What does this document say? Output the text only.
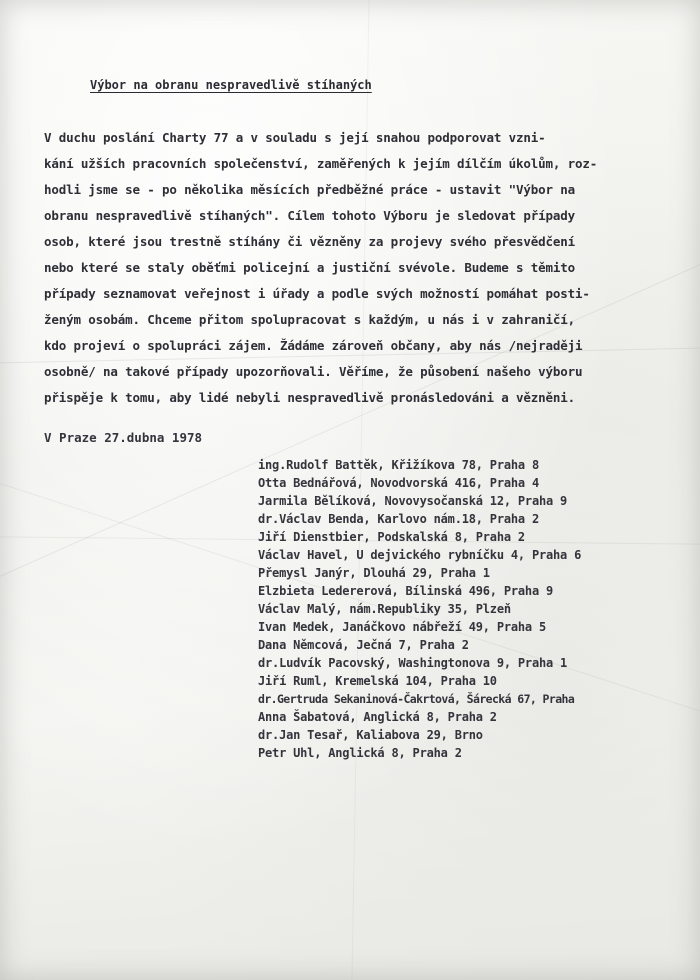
Výbor na obranu nespravedlivě stíhaných
V duchu poslání Charty 77 a v souladu s její snahou podporovat vzni-
kání užších pracovních společenství, zaměřených k jejím dílčím úkolům, roz-
hodli jsme se - po několika měsících předběžné práce - ustavit "Výbor na
obranu nespravedlivě stíhaných". Cílem tohoto Výboru je sledovat případy
osob, které jsou trestně stíhány či vězněny za projevy svého přesvědčení
nebo které se staly oběťmi policejní a justiční svévole. Budeme s těmito
případy seznamovat veřejnost i úřady a podle svých možností pomáhat posti-
ženým osobám. Chceme přitom spolupracovat s každým, u nás i v zahraničí,
kdo projeví o spolupráci zájem. Žádáme zároveň občany, aby nás /nejraději
osobně/ na takové případy upozorňovali. Věříme, že působení našeho výboru
přispěje k tomu, aby lidé nebyli nespravedlivě pronásledováni a vězněni.
V Praze 27.dubna 1978
ing.Rudolf Battěk, Křižíkova 78, Praha 8
Otta Bednářová, Novodvorská 416, Praha 4
Jarmila Bělíková, Novovysočanská 12, Praha 9
dr.Václav Benda, Karlovo nám.18, Praha 2
Jiří Dienstbier, Podskalská 8, Praha 2
Václav Havel, U dejvického rybníčku 4, Praha 6
Přemysl Janýr, Dlouhá 29, Praha 1
Elzbieta Ledererová, Bílinská 496, Praha 9
Václav Malý, nám.Republiky 35, Plzeň
Ivan Medek, Janáčkovo nábřeží 49, Praha 5
Dana Němcová, Ječná 7, Praha 2
dr.Ludvík Pacovský, Washingtonova 9, Praha 1
Jiří Ruml, Kremelská 104, Praha 10
dr.Gertruda Sekaninová-Čakrtová, Šárecká 67, Praha
Anna Šabatová, Anglická 8, Praha 2
dr.Jan Tesař, Kaliabova 29, Brno
Petr Uhl, Anglická 8, Praha 2
